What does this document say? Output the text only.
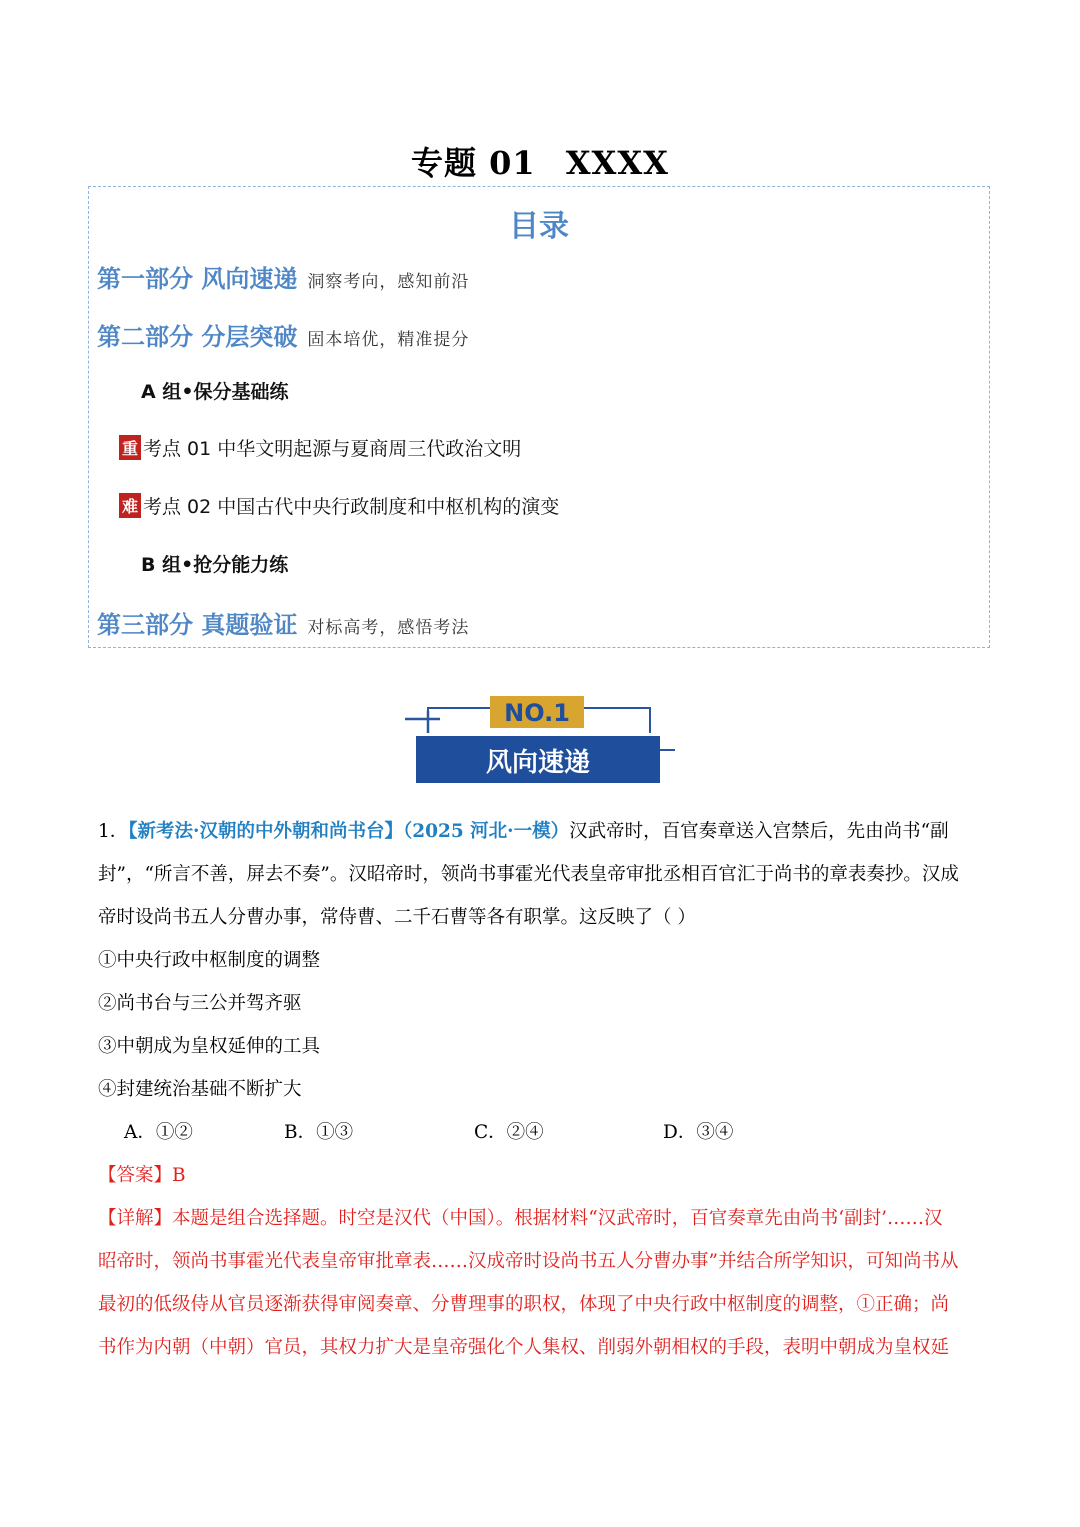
专题 01 XXXX
目录
第一部分 风向速递 洞察考向，感知前沿
第二部分 分层突破 固本培优，精准提分
A 组•保分基础练
重 考点 01 中华文明起源与夏商周三代政治文明
难 考点 02 中国古代中央行政制度和中枢机构的演变
B 组•抢分能力练
第三部分 真题验证 对标高考，感悟考法
NO.1
风向速递

1．【新考法·汉朝的中外朝和尚书台】（2025 河北·一模）汉武帝时，百官奏章送入宫禁后，先由尚书“副

封”，“所言不善，屏去不奏”。汉昭帝时，领尚书事霍光代表皇帝审批丞相百官汇于尚书的章表奏抄。汉成

帝时设尚书五人分曹办事，常侍曹、二千石曹等各有职掌。这反映了（ ）

①中央行政中枢制度的调整

②尚书台与三公并驾齐驱

③中朝成为皇权延伸的工具

④封建统治基础不断扩大

A．①②	B．①③	C．②④	D．③④

【答案】B

【详解】本题是组合选择题。时空是汉代（中国）。根据材料“汉武帝时，百官奏章先由尚书‘副封’……汉

昭帝时，领尚书事霍光代表皇帝审批章表……汉成帝时设尚书五人分曹办事”并结合所学知识，可知尚书从

最初的低级侍从官员逐渐获得审阅奏章、分曹理事的职权，体现了中央行政中枢制度的调整，①正确；尚

书作为内朝（中朝）官员，其权力扩大是皇帝强化个人集权、削弱外朝相权的手段，表明中朝成为皇权延
